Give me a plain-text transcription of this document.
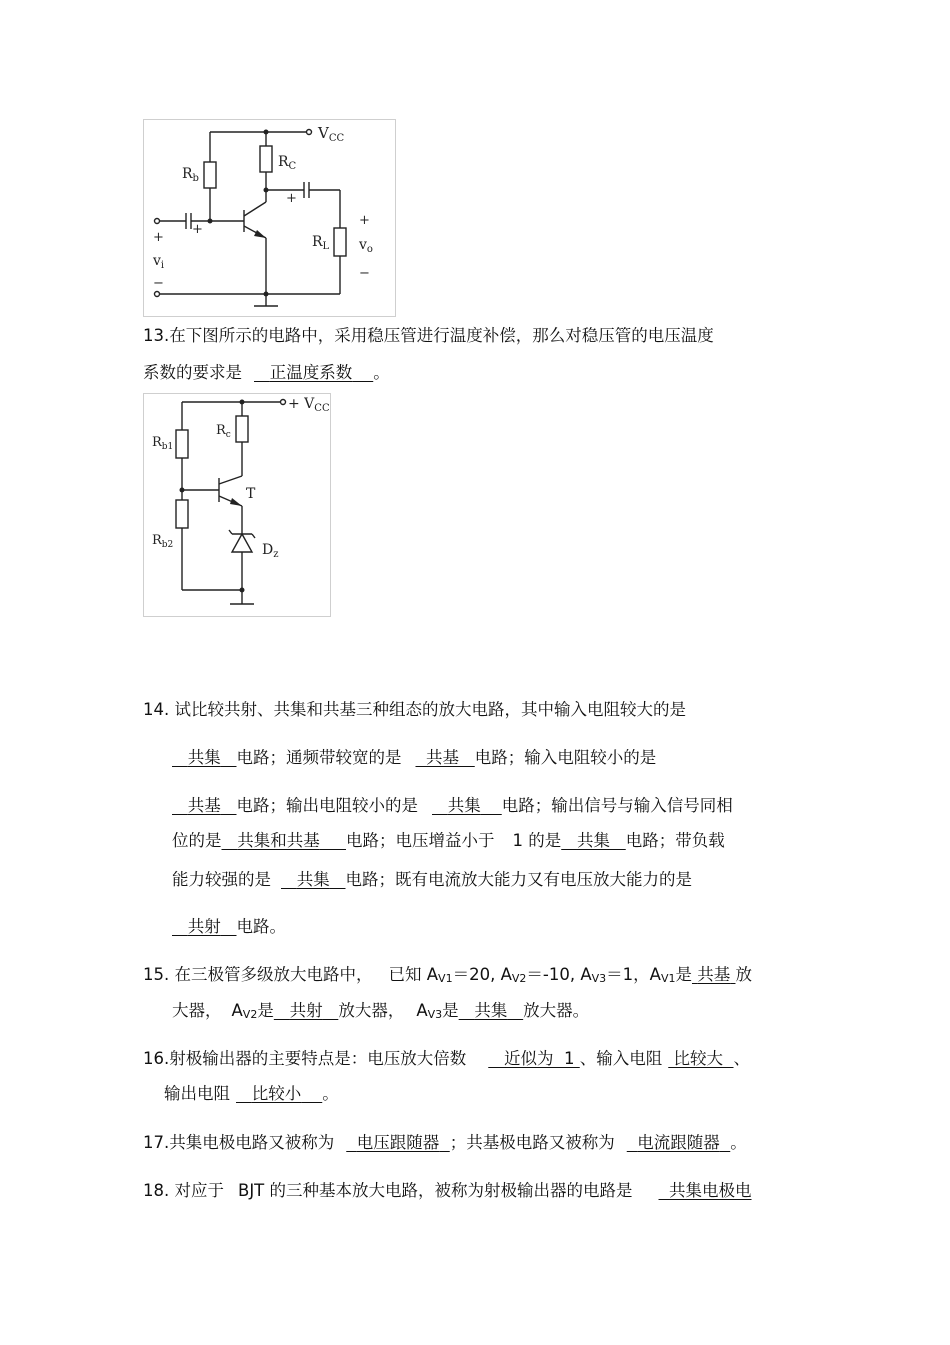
$V_{CC}$
$R_b$
$R_C$
$R_L$
+
+
+
$v_i$
−
+
$v_o$
−
13.在下图所示的电路中，采用稳压管进行温度补偿，那么对稳压管的电压温度
系数的要求是 正温度系数 。
+ $V_{CC}$
$R_{b1}$
$R_{b2}$
$R_c$
T
$D_z$
14. 试比较共射、共集和共基三种组态的放大电路，其中输入电阻较大的是
共集 电路；通频带较宽的是 共基 电路；输入电阻较小的是
共基 电路；输出电阻较小的是 共集 电路；输出信号与输入信号同相
位的是 共集和共基 电路；电压增益小于 1 的是 共集 电路；带负载
能力较强的是 共集 电路；既有电流放大能力又有电压放大能力的是
共射 电路。
15. 在三极管多级放大电路中， 已知 $A_{V1}=20$, $A_{V2}=-10$, $A_{V3}=1$，$A_{V1}$是 共基 放
大器， $A_{V2}$是 共射 放大器， $A_{V3}$是 共集 放大器。
16.射极输出器的主要特点是：电压放大倍数 近似为  1 、输入电阻 比较大 、
输出电阻 比较小 。
17.共集电极电路又被称为 电压跟随器 ；共基极电路又被称为 电流跟随器 。
18. 对应于 BJT 的三种基本放大电路，被称为射极输出器的电路是 共集电极电
